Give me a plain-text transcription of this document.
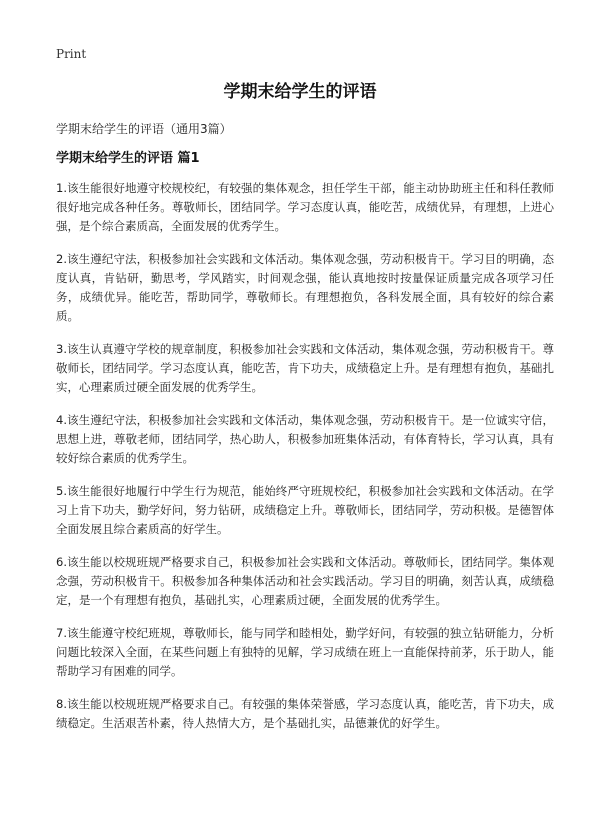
Print
学期末给学生的评语

学期末给学生的评语（通用3篇）

学期末给学生的评语 篇1

1.该生能很好地遵守校规校纪，有较强的集体观念，担任学生干部，能主动协助班主任和科任教师很好地完成各种任务。尊敬师长，团结同学。学习态度认真，能吃苦，成绩优异，有理想，上进心强，是个综合素质高，全面发展的优秀学生。

2.该生遵纪守法，积极参加社会实践和文体活动。集体观念强，劳动积极肯干。学习目的明确，态度认真，肯钻研，勤思考，学风踏实，时间观念强，能认真地按时按量保证质量完成各项学习任务，成绩优异。能吃苦，帮助同学，尊敬师长。有理想抱负，各科发展全面，具有较好的综合素质。

3.该生认真遵守学校的规章制度，积极参加社会实践和文体活动，集体观念强，劳动积极肯干。尊敬师长，团结同学。学习态度认真，能吃苦，肯下功夫，成绩稳定上升。是有理想有抱负，基础扎实，心理素质过硬全面发展的优秀学生。

4.该生遵纪守法，积极参加社会实践和文体活动，集体观念强，劳动积极肯干。是一位诚实守信，思想上进，尊敬老师，团结同学，热心助人，积极参加班集体活动，有体育特长，学习认真，具有较好综合素质的优秀学生。

5.该生能很好地履行中学生行为规范，能始终严守班规校纪，积极参加社会实践和文体活动。在学习上肯下功夫，勤学好问，努力钻研，成绩稳定上升。尊敬师长，团结同学，劳动积极。是德智体全面发展且综合素质高的好学生。

6.该生能以校规班规严格要求自己，积极参加社会实践和文体活动。尊敬师长，团结同学。集体观念强，劳动积极肯干。积极参加各种集体活动和社会实践活动。学习目的明确，刻苦认真，成绩稳定，是一个有理想有抱负，基础扎实，心理素质过硬，全面发展的优秀学生。

7.该生能遵守校纪班规，尊敬师长，能与同学和睦相处，勤学好问，有较强的独立钻研能力，分析问题比较深入全面，在某些问题上有独特的见解，学习成绩在班上一直能保持前茅，乐于助人，能帮助学习有困难的同学。

8.该生能以校规班规严格要求自己。有较强的集体荣誉感，学习态度认真，能吃苦，肯下功夫，成绩稳定。生活艰苦朴素，待人热情大方，是个基础扎实，品德兼优的好学生。
